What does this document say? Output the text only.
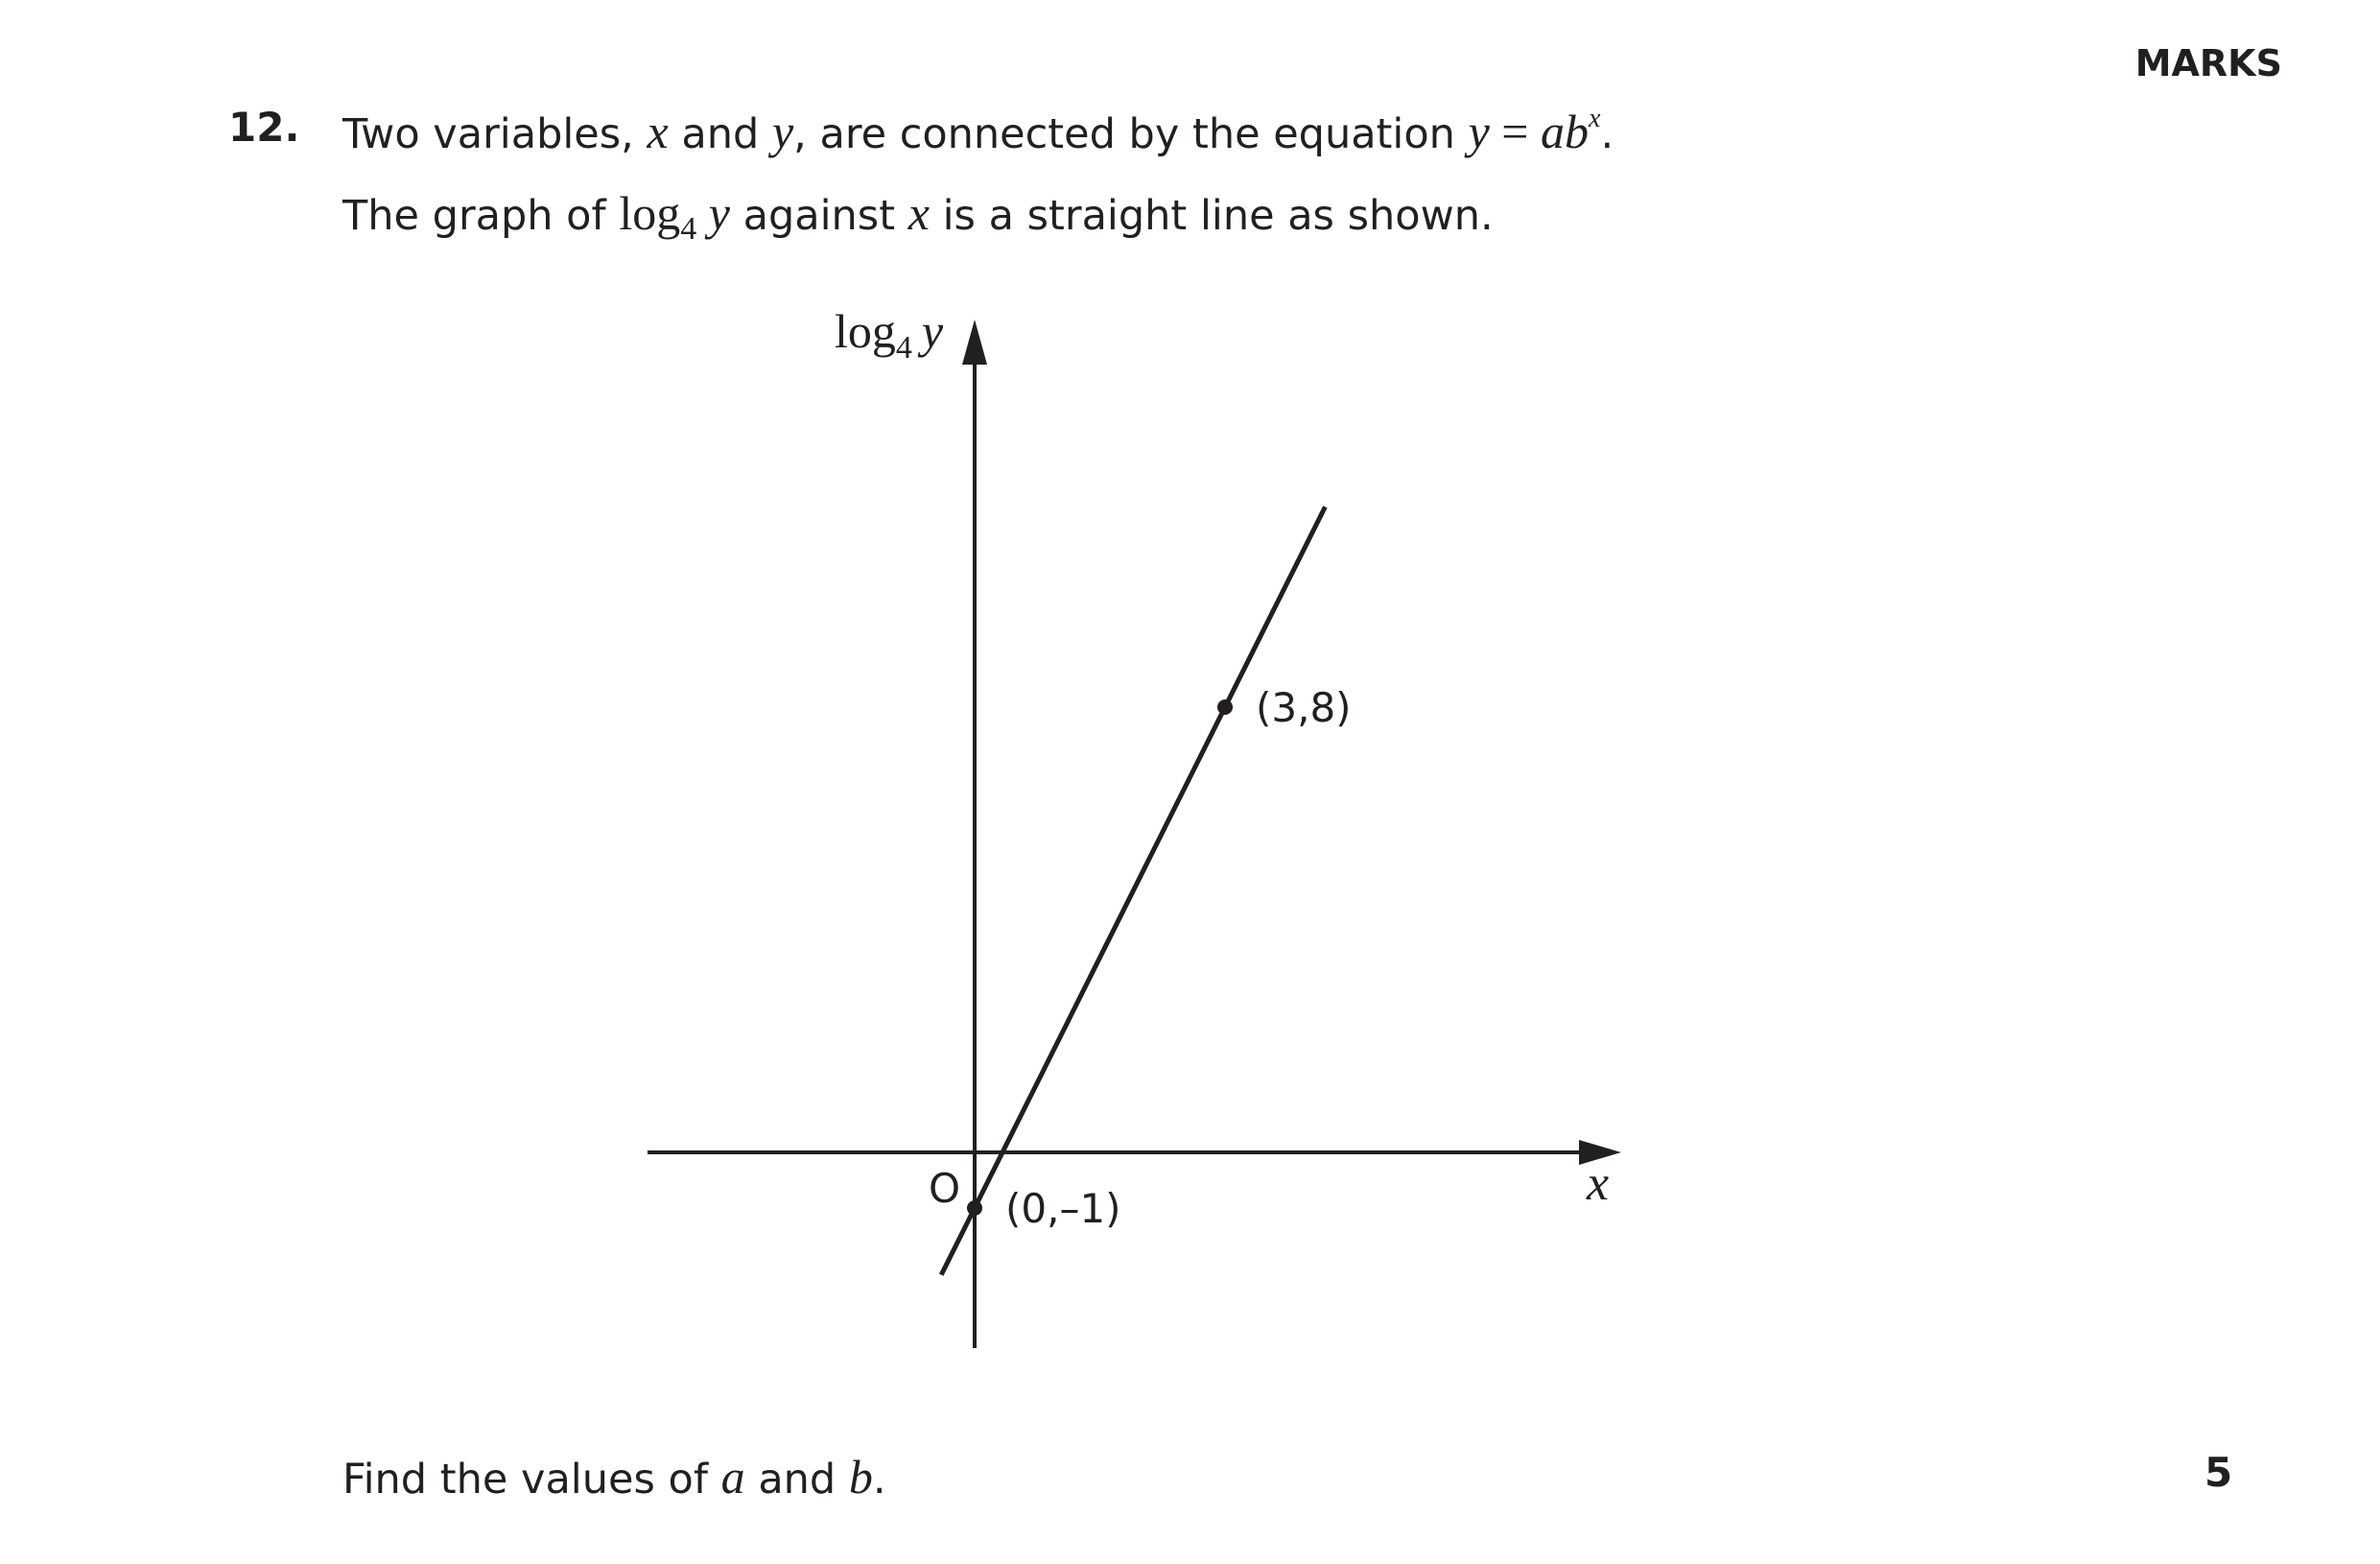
MARKS
12. Two variables, x and y, are connected by the equation $y = ab^x$.
The graph of $\log_4 y$ against x is a straight line as shown.
(0,–1)
(3,8)
O	x
$\log_4 y$
Find the values of a and b.	5
